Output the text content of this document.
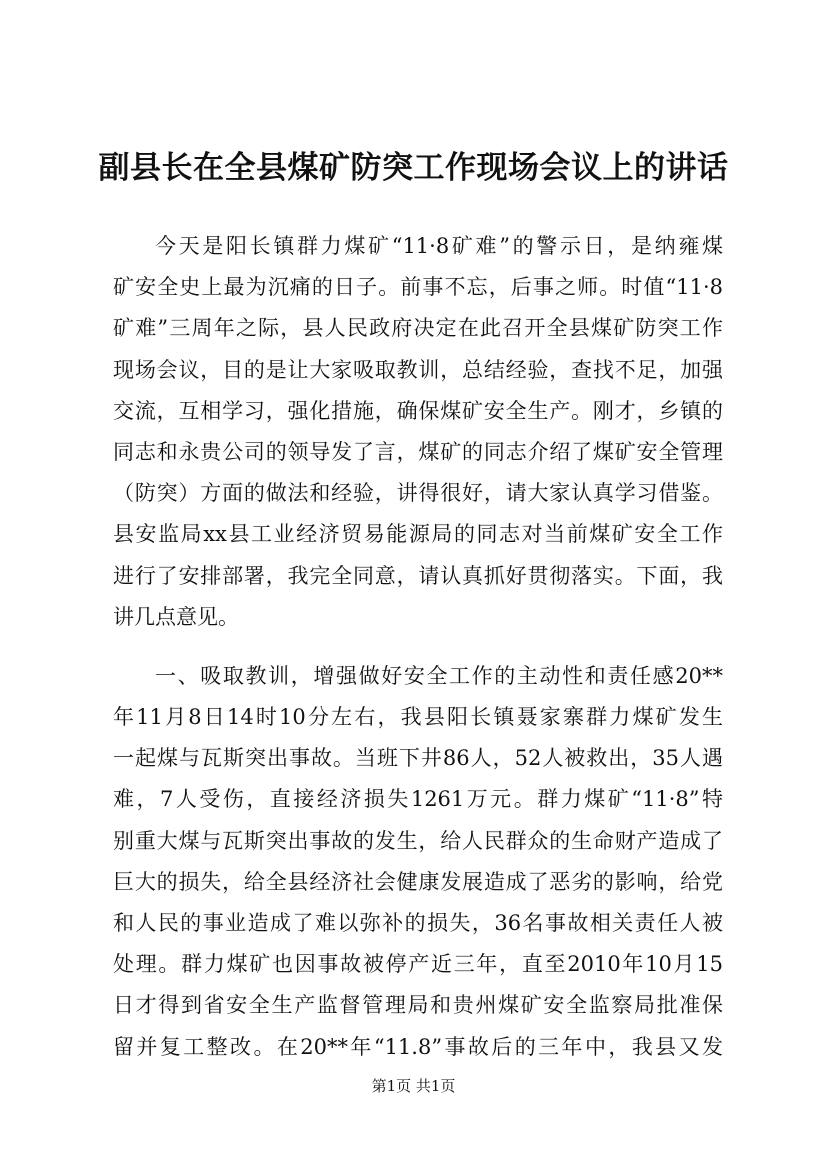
副县长在全县煤矿防突工作现场会议上的讲话
今天是阳长镇群力煤矿“11·8矿难”的警示日，是纳雍煤
矿安全史上最为沉痛的日子。前事不忘，后事之师。时值“11·8
矿难”三周年之际，县人民政府决定在此召开全县煤矿防突工作
现场会议，目的是让大家吸取教训，总结经验，查找不足，加强
交流，互相学习，强化措施，确保煤矿安全生产。刚才，乡镇的
同志和永贵公司的领导发了言，煤矿的同志介绍了煤矿安全管理
（防突）方面的做法和经验，讲得很好，请大家认真学习借鉴。
县安监局xx县工业经济贸易能源局的同志对当前煤矿安全工作
进行了安排部署，我完全同意，请认真抓好贯彻落实。下面，我
讲几点意见。
一、吸取教训，增强做好安全工作的主动性和责任感20**
年11月8日14时10分左右，我县阳长镇聂家寨群力煤矿发生
一起煤与瓦斯突出事故。当班下井86人，52人被救出，35人遇
难，7人受伤，直接经济损失1261万元。群力煤矿“11·8”特
别重大煤与瓦斯突出事故的发生，给人民群众的生命财产造成了
巨大的损失，给全县经济社会健康发展造成了恶劣的影响，给党
和人民的事业造成了难以弥补的损失，36名事故相关责任人被
处理。群力煤矿也因事故被停产近三年，直至2010年10月15
日才得到省安全生产监督管理局和贵州煤矿安全监察局批准保
留并复工整改。在20**年“11.8”事故后的三年中，我县又发
第1页 共1页
